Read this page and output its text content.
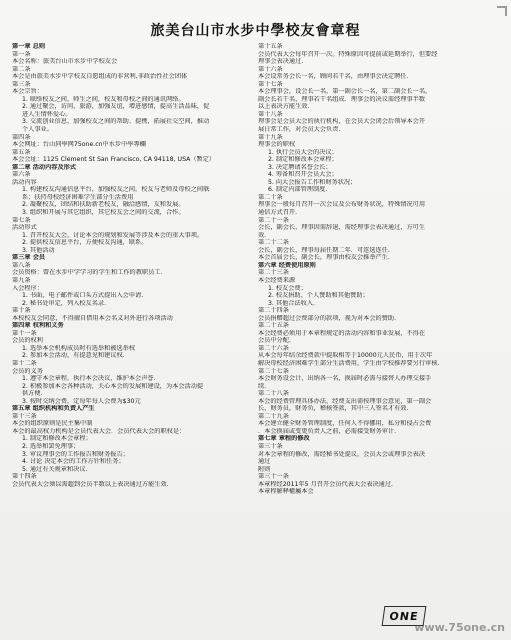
旅美台山市水步中學校友會章程
第一章 总则
第一条
本会名称：旅美台山市水步中学校友会
第二条
本会是由旅美水步中学校友自愿组成的非营利,非政治性社会团体
第三条
本会宗旨：
1. 联络校友之间，师生之间，校友和母校之间的通讯网络。
2. 通过聚会，访问，旅游，加强友谊，增进感情，提高生活品味，促
进人生情怀爱心。
3. 交流创业信息，加强校友之间的帮助、提携，拓展社交空间，推动
个人事业。
第四条
本会网址：台山同學网75one.cn中水步中學專欄
第五条
本会会址：1125 Clement St San Francisco, CA 94118, USA（暫定）
第二章 活动内容及形式
第六条
活动内容
1. 构建校友沟通信息平台，加强校友之间，校友与老师及母校之间联
系；扶持母校经济困难学生部分生活费用
2. 凝聚校友，团结和扶助新老校友，融洽感情，友和发展。
3. 组织和开展与其它组织，其它校友会之间的交流，合作。
第七条
活动形式
1. 召开校友大会，讨论本会的规划和发展等涉及本会的重大事项。
2. 提供校友信息平台，方便校友沟通，联系。
3. 其他活动
第三章 会员
第八条
会员资格：曾在水步中学学习的学生和工作的教职员工.
第九条
入会程序：
1. 书面、电子邮件或口头方式提出入会申请.
2. 秘书处审定，列入校友名录.
第十条
本校校友会同意，不得擅自借用本会名义对外进行各项活动
第四章 权利和义务
第十一条
会员的权利
1. 选举本会机构成员时有选举和被选举权
2. 参加本会活动，有提意见和建议权.
第十二条
会员的义务
1. 遵守本会章程，执行本会决议，维护本会声誉.
2. 积极参加本会各种活动，关心本会的发展和建设，为本会活动提
供方便.
3. 按时交纳会费，定每年每人会费为$30元
第五章 组织机构和负责人产生
第十三条
本会的组织原则是民主集中制
本会的最高权力机构是会员代表大会．会员代表大会的职权是：
1. 制定和修改本会章程；
2. 选举和罢免理事；
3. 审议理事会的工作报告和财务报告；
4. 讨论 决定本会的工作方针和任务；
5. 通过有关规章和决议.
第十四条
会员代表大会须以需超到会员半数以上表决通过方能生效.
第十五条
会员代表大会每年召开一次。特殊原因可提前或延期举行，但要经
理事会表决通过.
第十六条
本会设常务会长一名，顾问若干名，由理事会决定聘任.
第十七条
本会理事会，设会长一名，第一副会长一名，第二副会长一名，
副会长若干名，理事若干名组成．理事会的决议需经理事半数
以上表决方能生效.
第十八条
理事会是会员大会的执行机构，在会员大会闭会后领导本会开
展日常工作，对会员大会负责.
第十九条
理事会的职权
1. 执行会员大会的决议；
2. 制定和修改本会章程；
3. 决定聘请名誉会长；
4. 筹备和召开会员大会；
5. 向大会报告工作和财务状况；
6. 制定内部管理制度.
第二十条
理事会一般每月召开一次会议及公布财务状况，特殊情况可用
通信方式召开.
第二十一条
会长，副会长，理事因需辞退，需经理事会表决通过，方可生
效.
第二十二条
会长，副会长，理事每届任期二年．可连选连任.
本会首届会长，副会长，理事由校友会推举产生.
第六章 经费使用原则
第二十三条
本会经费来源
1. 校友会费；
2. 校友捐助、个人赞助和其他赞助；
3. 其他合法收入.
第二十四条
会员捐赠超过会费部分的款项，视为对本会的赞助.
第二十五条
本会经费必须用于本章程规定的活动内容和事业发展，不得在
会员中分配.
第二十六条
从本会每年结余经费款中提取相等于10000元人民币，用于次年
解决母校经济困难学生部分生活费用，学生由学校推荐要另行审核.
第二十七条
本会财务设会计、出纳各一名，换届时必需与接替人办理交接手
续.
第二十八条
本会的经费管理具体办法，经费支出需按理事会意见，第一副会
长，财务员，财务负，稽核签款，其中三人签名才有效.
第二十九条
本会建立健全财务管理制度，任何人不得挪用，私分和侵占会费
．本会换届或变更负责人之前，必需接受财务审计.
第七章 章程的修改
第三十条
对本会章程的修改，需经秘书处提议，会员大会或理事会表决
通过
附则
第三十一条
本章程经2011年5 月召开会员代表大会表决通过.
本章程解释權屬本会
ONE
www.75one.cn
